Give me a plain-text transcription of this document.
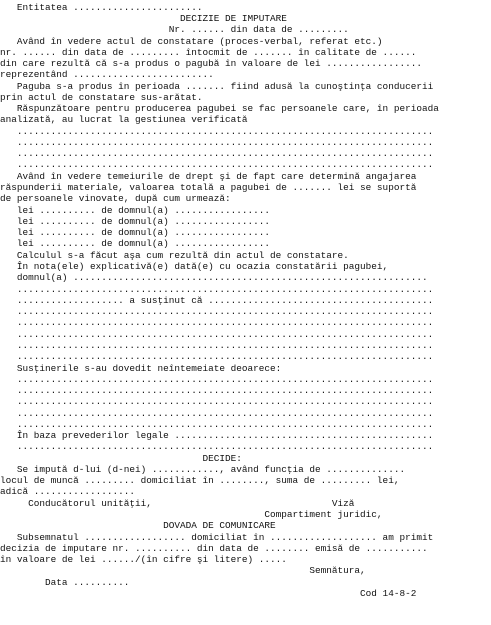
Entitatea .......................
DECIZIE DE IMPUTARE
Nr. ...... din data de .........
Având în vedere actul de constatare (proces-verbal, referat etc.)
nr. ...... din data de ......... întocmit de ....... în calitate de ......
din care rezultă că s-a produs o pagubă în valoare de lei .................
reprezentând .........................
Paguba s-a produs în perioada ....... fiind adusă la cunoştinţa conducerii
prin actul de constatare sus-arătat.
Răspunzătoare pentru producerea pagubei se fac persoanele care, în perioada
analizată, au lucrat la gestiunea verificată
..........................................................................
..........................................................................
..........................................................................
..........................................................................
Având în vedere temeiurile de drept şi de fapt care determină angajarea
răspunderii materiale, valoarea totală a pagubei de ....... lei se suportă
de persoanele vinovate, după cum urmează:
lei .......... de domnul(a) .................
lei .......... de domnul(a) .................
lei .......... de domnul(a) .................
lei .......... de domnul(a) .................
Calculul s-a făcut aşa cum rezultă din actul de constatare.
În nota(ele) explicativă(e) dată(e) cu ocazia constatării pagubei,
domnul(a) ...............................................................
..........................................................................
................... a susţinut că ........................................
..........................................................................
..........................................................................
..........................................................................
..........................................................................
..........................................................................
Susţinerile s-au dovedit neîntemeiate deoarece:
..........................................................................
..........................................................................
..........................................................................
..........................................................................
..........................................................................
În baza prevederilor legale ..............................................
..........................................................................
DECIDE:
Se impută d-lui (d-nei) ............, având funcţia de ..............
locul de muncă ......... domiciliat în ........, suma de ......... lei,
adică ..................
Conducătorul unităţii,                                Viză
Compartiment juridic,
DOVADA DE COMUNICARE
Subsemnatul .................. domiciliat în ................... am primit
decizia de imputare nr. .......... din data de ........ emisă de ...........
în valoare de lei ....../(în cifre şi litere) .....
Semnătura,
Data ..........
Cod 14-8-2
